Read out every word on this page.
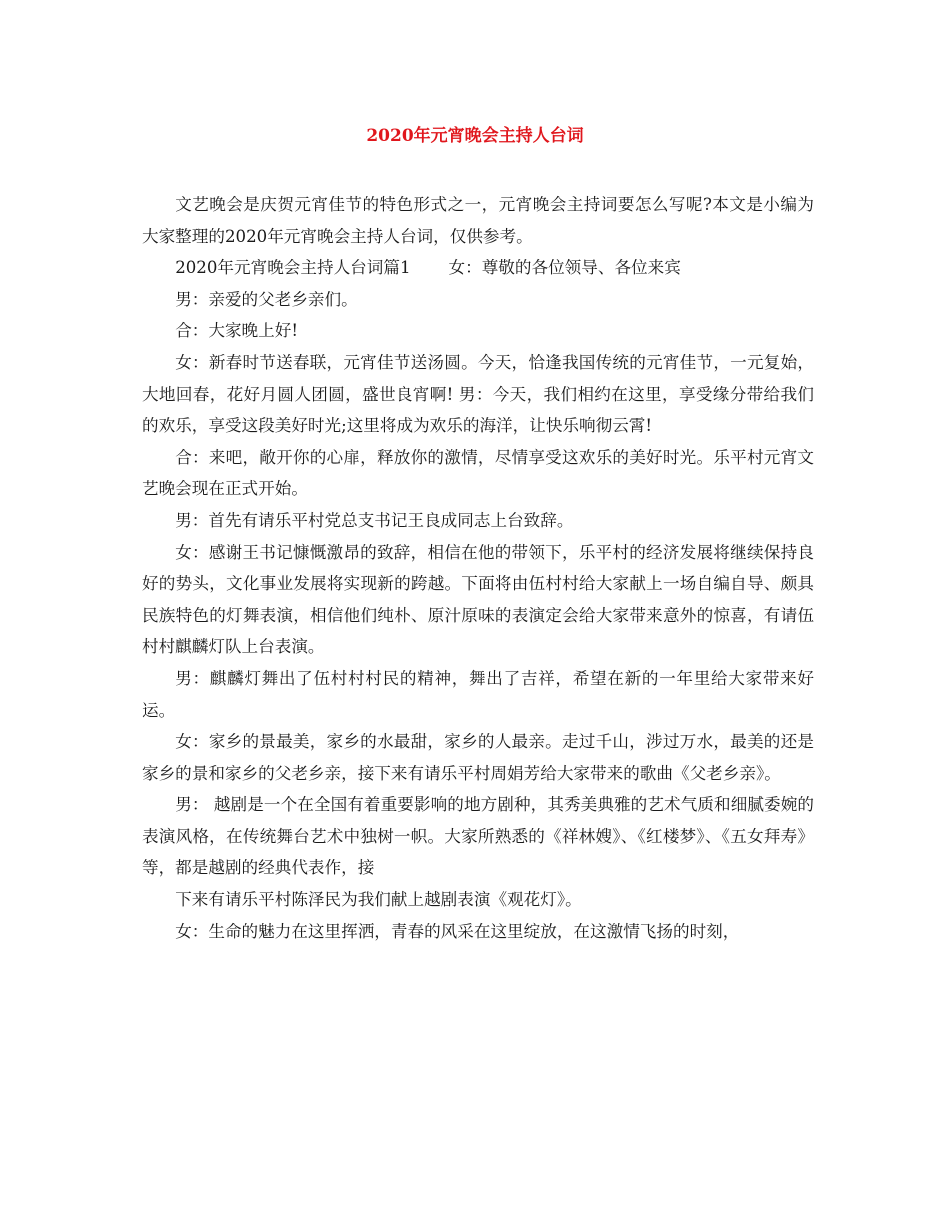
2020年元宵晚会主持人台词

文艺晚会是庆贺元宵佳节的特色形式之一，元宵晚会主持词要怎么写呢?本文是小编为大家整理的2020年元宵晚会主持人台词，仅供参考。

2020年元宵晚会主持人台词篇1 女：尊敬的各位领导、各位来宾

男：亲爱的父老乡亲们。

合：大家晚上好!

女：新春时节送春联，元宵佳节送汤圆。今天，恰逢我国传统的元宵佳节，一元复始，大地回春，花好月圆人团圆，盛世良宵啊! 男：今天，我们相约在这里，享受缘分带给我们的欢乐，享受这段美好时光;这里将成为欢乐的海洋，让快乐响彻云霄!

合：来吧，敞开你的心扉，释放你的激情，尽情享受这欢乐的美好时光。乐平村元宵文艺晚会现在正式开始。

男：首先有请乐平村党总支书记王良成同志上台致辞。

女：感谢王书记慷慨激昂的致辞，相信在他的带领下，乐平村的经济发展将继续保持良好的势头，文化事业发展将实现新的跨越。下面将由伍村村给大家献上一场自编自导、颇具民族特色的灯舞表演，相信他们纯朴、原汁原味的表演定会给大家带来意外的惊喜，有请伍村村麒麟灯队上台表演。

男：麒麟灯舞出了伍村村村民的精神，舞出了吉祥，希望在新的一年里给大家带来好运。

女：家乡的景最美，家乡的水最甜，家乡的人最亲。走过千山，涉过万水，最美的还是家乡的景和家乡的父老乡亲，接下来有请乐平村周娟芳给大家带来的歌曲《父老乡亲》。

男： 越剧是一个在全国有着重要影响的地方剧种，其秀美典雅的艺术气质和细腻委婉的表演风格，在传统舞台艺术中独树一帜。大家所熟悉的《祥林嫂》、《红楼梦》、《五女拜寿》等，都是越剧的经典代表作，接

下来有请乐平村陈泽民为我们献上越剧表演《观花灯》。

女：生命的魅力在这里挥洒，青春的风采在这里绽放，在这激情飞扬的时刻，
